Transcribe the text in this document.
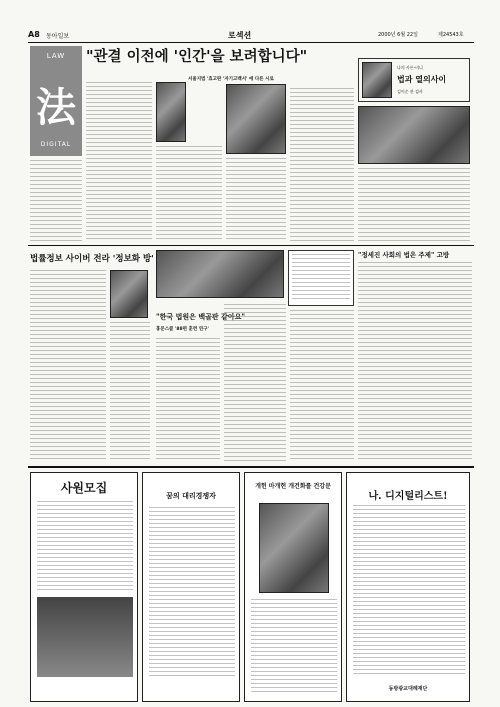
A8 동아일보	로섹션	2000년 6월 22일	제24543호
LAW
法
DIGITAL
"관결 이전에 '인간'을 보려합니다"
서울지법 '효고란 '자기고백서' 에 다른 시로
나의 사론-비니
법과 열의사이
김이순 관 검사
"정세진 사회의 법은 주제" 고방
법률정보 사이버 전라 '정보화 방'
"한국 법원은 백골판 같아요"
홍문스콜 '88편 훈련 연구'
사원모집
꿈의 대리경쟁자
개헌 마개헌 개건화를 건강문
나. 디지털리스트!
동방광교대례재단
